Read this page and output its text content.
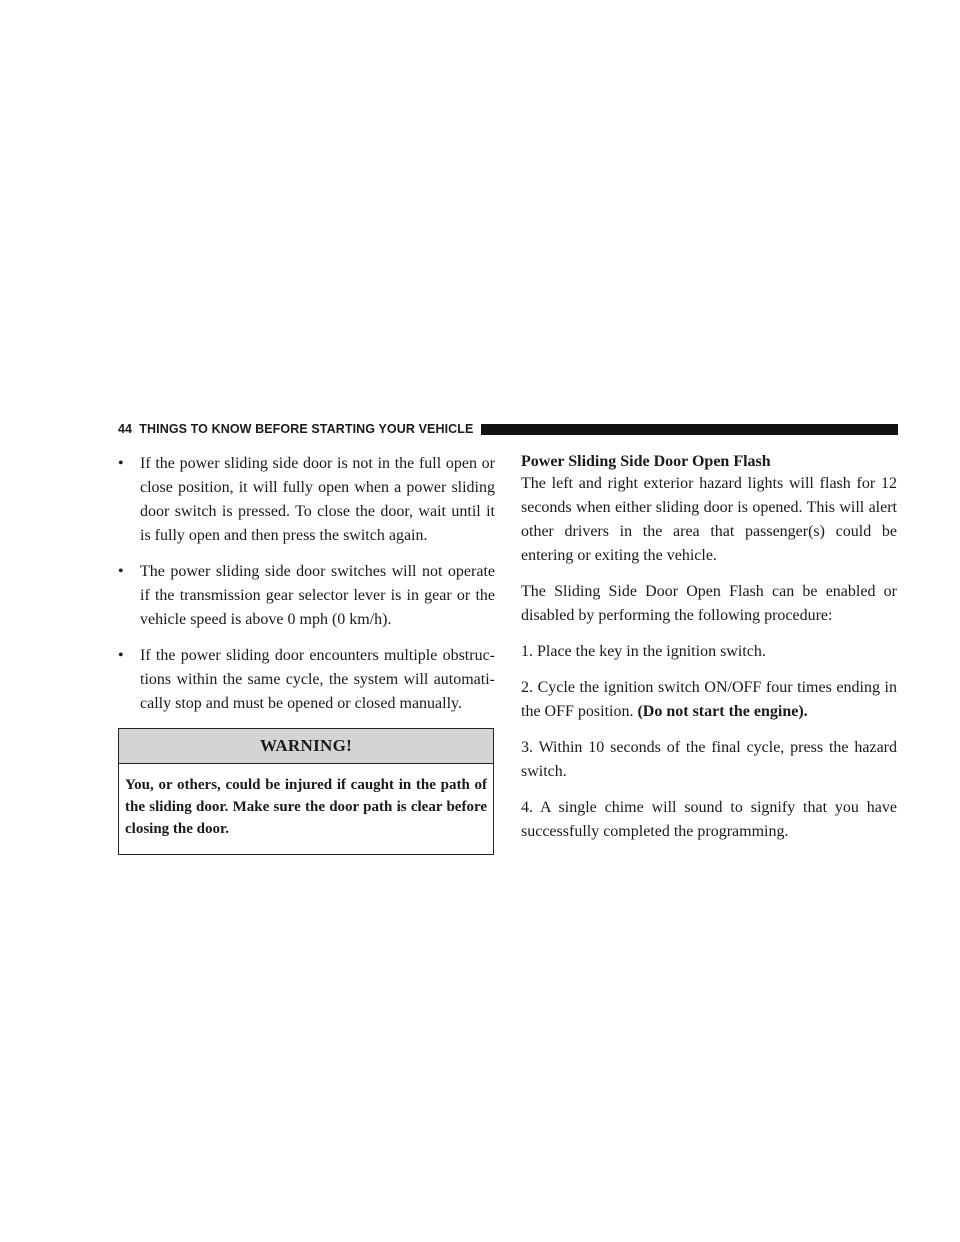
44 THINGS TO KNOW BEFORE STARTING YOUR VEHICLE
•	If the power sliding side door is not in the full open or close position, it will fully open when a power sliding door switch is pressed. To close the door, wait until it is fully open and then press the switch again.
•	The power sliding side door switches will not operate if the transmission gear selector lever is in gear or the vehicle speed is above 0 mph (0 km/h).
•	If the power sliding door encounters multiple obstruc-tions within the same cycle, the system will automati-cally stop and must be opened or closed manually.
WARNING!
You, or others, could be injured if caught in the path of the sliding door. Make sure the door path is clear before closing the door.

Power Sliding Side Door Open Flash

The left and right exterior hazard lights will flash for 12 seconds when either sliding door is opened. This will alert other drivers in the area that passenger(s) could be entering or exiting the vehicle.

The Sliding Side Door Open Flash can be enabled or disabled by performing the following procedure:

1. Place the key in the ignition switch.

2. Cycle the ignition switch ON/OFF four times ending in the OFF position. (Do not start the engine).

3. Within 10 seconds of the final cycle, press the hazard switch.

4. A single chime will sound to signify that you have successfully completed the programming.
